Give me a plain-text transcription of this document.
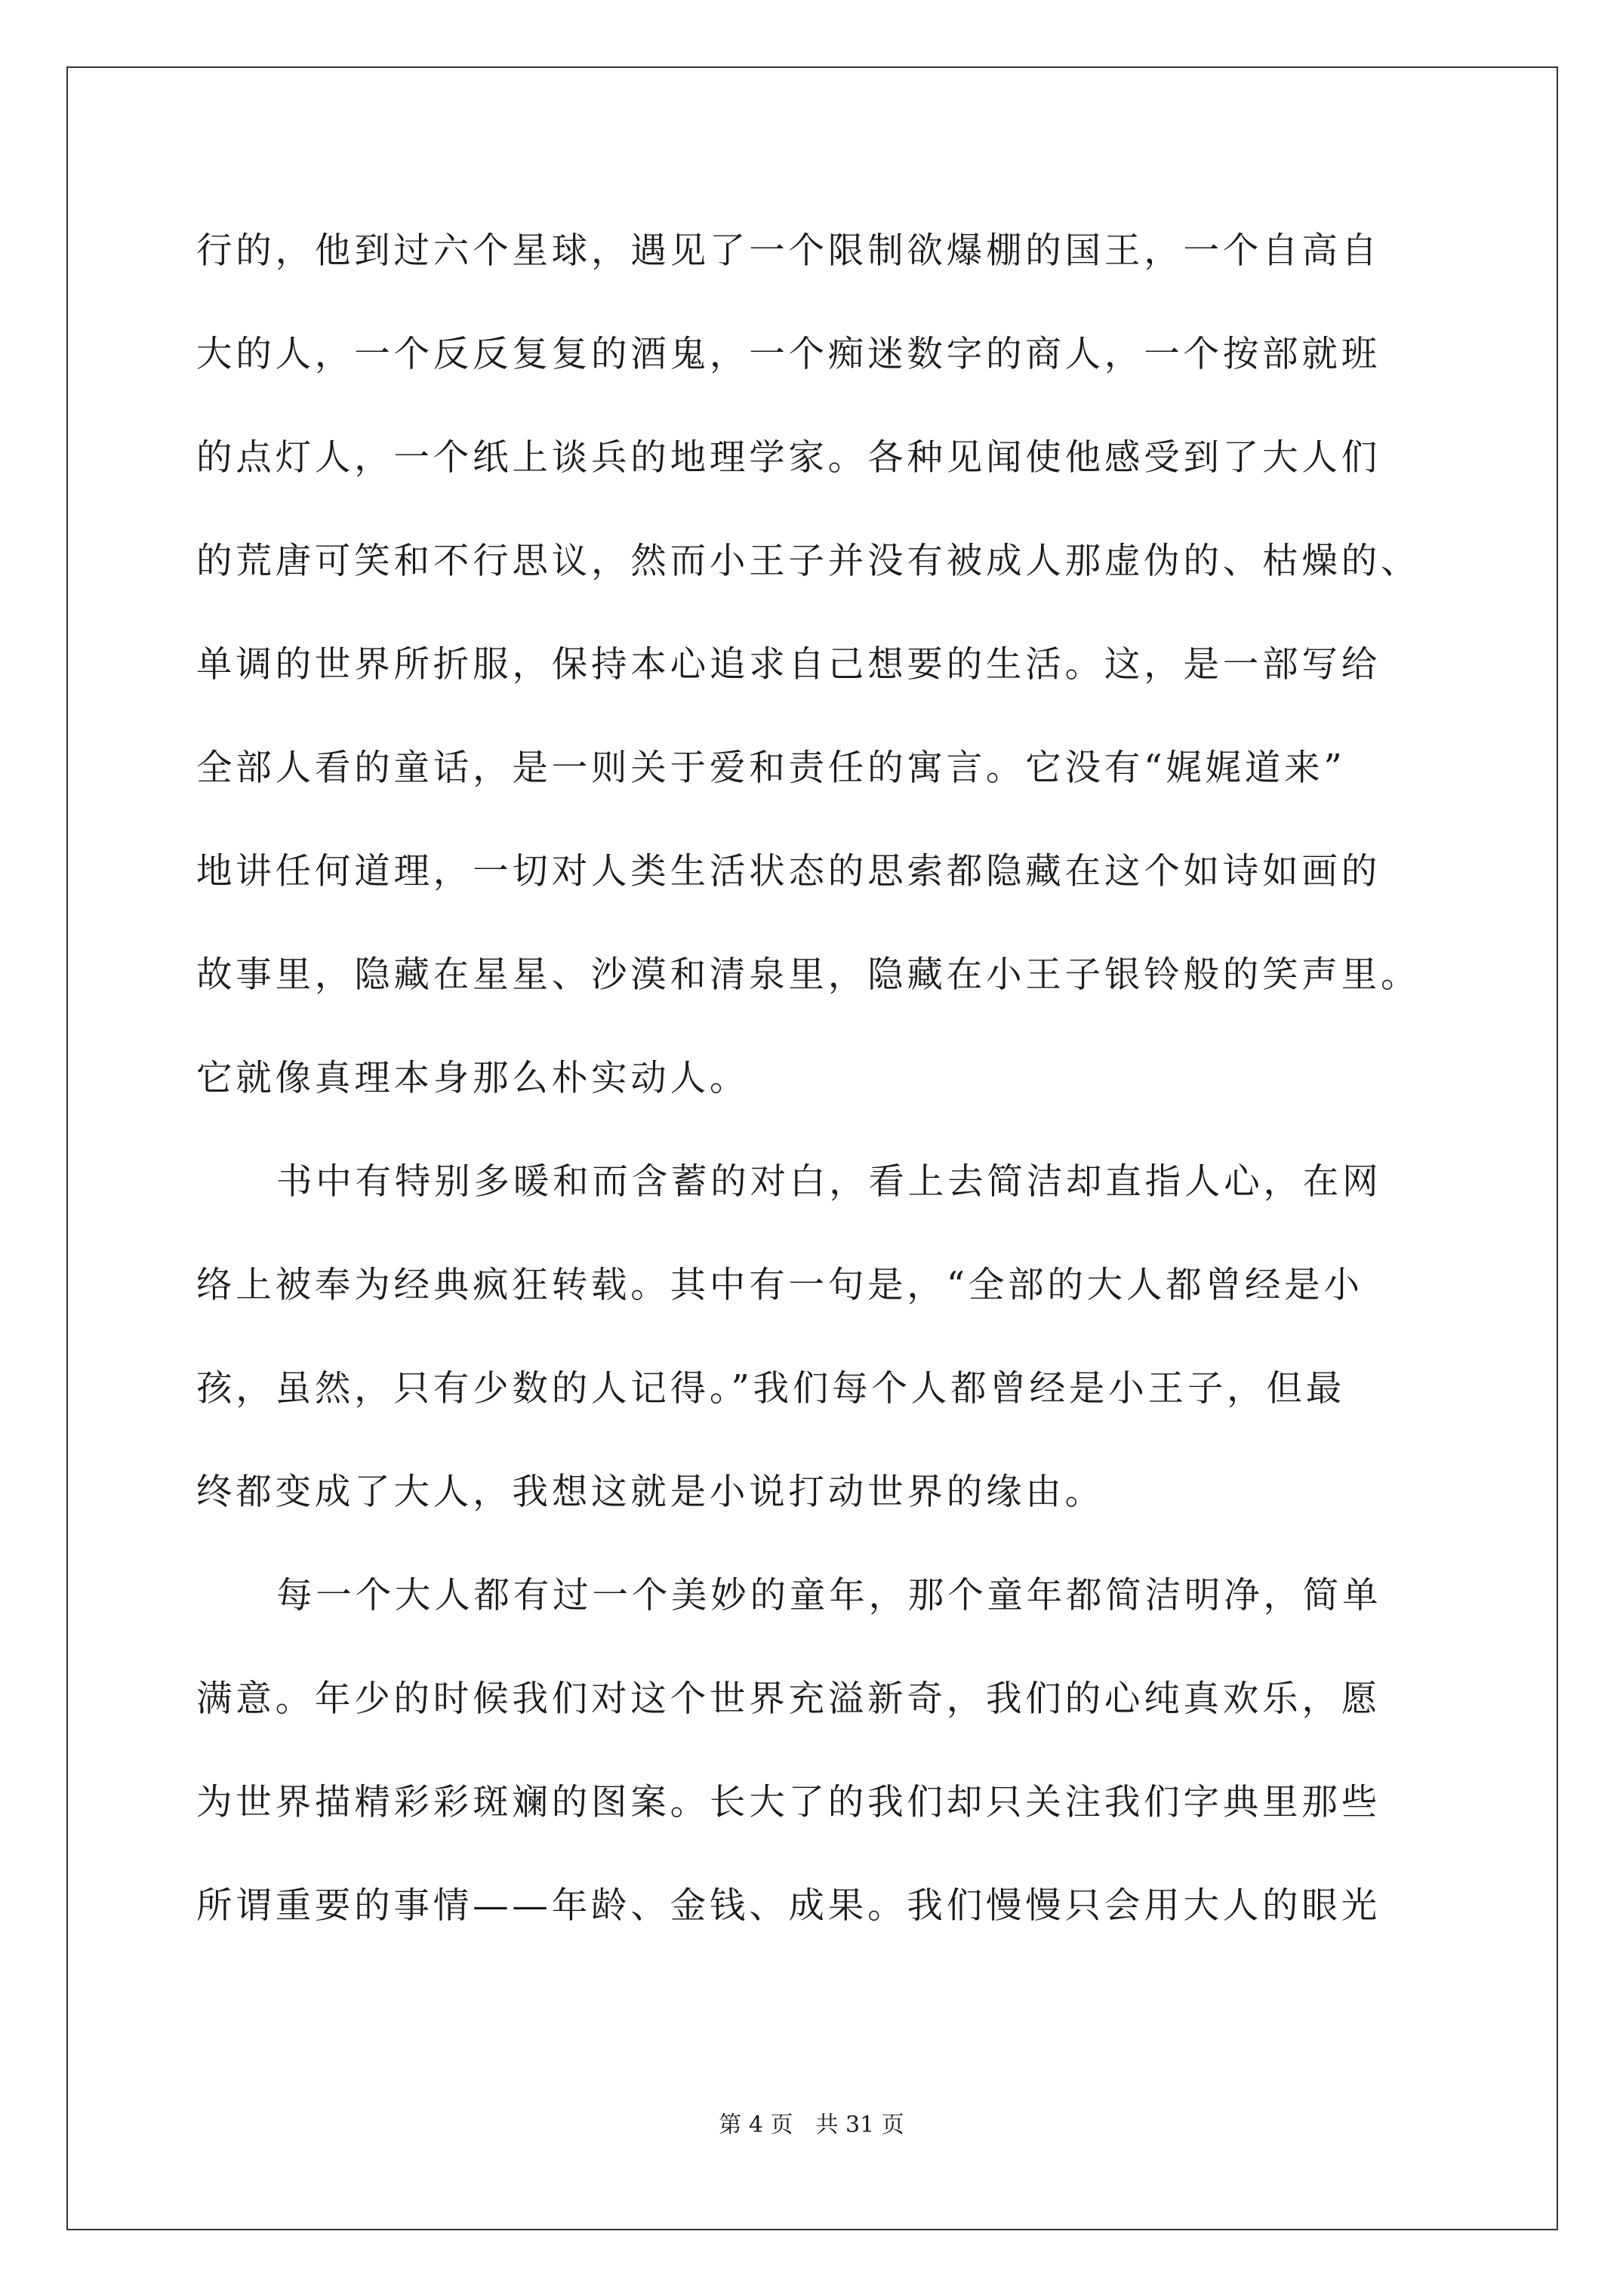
行的，他到过六个星球，遇见了一个限制欲爆棚的国王，一个自高自
大的人，一个反反复复的酒鬼，一个痴迷数字的商人，一个按部就班
的点灯人，一个纸上谈兵的地理学家。各种见闻使他感受到了大人们
的荒唐可笑和不行思议，然而小王子并没有被成人那虚伪的、枯燥的、
单调的世界所折服，保持本心追求自己想要的生活。这，是一部写给
全部人看的童话，是一则关于爱和责任的寓言。它没有“娓娓道来”
地讲任何道理，一切对人类生活状态的思索都隐藏在这个如诗如画的
故事里，隐藏在星星、沙漠和清泉里，隐藏在小王子银铃般的笑声里。
它就像真理本身那么朴实动人。
书中有特别多暖和而含蓄的对白，看上去简洁却直指人心，在网
络上被奉为经典疯狂转载。其中有一句是，“全部的大人都曾经是小
孩，虽然，只有少数的人记得。”我们每个人都曾经是小王子，但最
终都变成了大人，我想这就是小说打动世界的缘由。
每一个大人都有过一个美妙的童年，那个童年都简洁明净，简单
满意。年少的时候我们对这个世界充溢新奇，我们的心纯真欢乐，愿
为世界描精彩彩斑斓的图案。长大了的我们却只关注我们字典里那些
所谓重要的事情——年龄、金钱、成果。我们慢慢只会用大人的眼光
第 4 页 共 31 页
